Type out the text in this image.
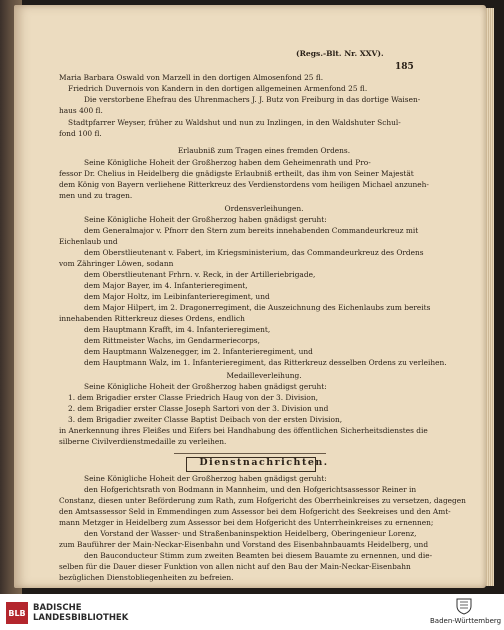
(Regs.-Blt. Nr. XXV).
185
Maria Barbara Oswald von Marzell in den dortigen Almosenfond 25 fl.
Friedrich Duvernois von Kandern in den dortigen allgemeinen Armenfond 25 fl.
Die verstorbene Ehefrau des Uhrenmachers J. J. Butz von Freiburg in das dortige Waisen-
haus 400 fl.
Stadtpfarrer Weyser, früher zu Waldshut und nun zu Inzlingen, in den Waldshuter Schul-
fond 100 fl.
Erlaubniß zum Tragen eines fremden Ordens.
Seine Königliche Hoheit der Großherzog haben dem Geheimenrath und Pro-
fessor Dr. Chelius in Heidelberg die gnädigste Erlaubniß ertheilt, das ihm von Seiner Majestät
dem König von Bayern verliehene Ritterkreuz des Verdienstordens vom heiligen Michael anzuneh-
men und zu tragen.
Ordensverleihungen.
Seine Königliche Hoheit der Großherzog haben gnädigst geruht:
dem Generalmajor v. Pfnorr den Stern zum bereits innehabenden Commandeurkreuz mit
Eichenlaub und
dem Oberstlieutenant v. Fabert, im Kriegsministerium, das Commandeurkreuz des Ordens
vom Zähringer Löwen, sodann
dem Oberstlieutenant Frhrn. v. Reck, in der Artilleriebrigade,
dem Major Bayer, im 4. Infanterieregiment,
dem Major Holtz, im Leibinfanterieregiment, und
dem Major Hilpert, im 2. Dragonerregiment, die Auszeichnung des Eichenlaubs zum bereits
innehabenden Ritterkreuz dieses Ordens, endlich
dem Hauptmann Krafft, im 4. Infanterieregiment,
dem Rittmeister Wachs, im Gendarmeriecorps,
dem Hauptmann Walzenegger, im 2. Infanterieregiment, und
dem Hauptmann Walz, im 1. Infanterieregiment, das Ritterkreuz desselben Ordens zu verleihen.
Medailleverleihung.
Seine Königliche Hoheit der Großherzog haben gnädigst geruht:
1. dem Brigadier erster Classe Friedrich Haug von der 3. Division,
2. dem Brigadier erster Classe Joseph Sartori von der 3. Division und
3. dem Brigadier zweiter Classe Baptist Deibach von der ersten Division,
in Anerkennung ihres Fleißes und Eifers bei Handhabung des öffentlichen Sicherheitsdienstes die
silberne Civilverdienstmedaille zu verleihen.
Dienstnachrichten.
Seine Königliche Hoheit der Großherzog haben gnädigst geruht:
den Hofgerichtsrath von Bodmann in Mannheim, und den Hofgerichtsassessor Reiner in
Constanz, diesen unter Beförderung zum Rath, zum Hofgericht des Oberrheinkreises zu versetzen, dagegen
den Amtsassessor Seld in Emmendingen zum Assessor bei dem Hofgericht des Seekreises und den Amt-
mann Metzger in Heidelberg zum Assessor bei dem Hofgericht des Unterrheinkreises zu ernennen;
den Vorstand der Wasser- und Straßenbaninspektion Heidelberg, Oberingenieur Lorenz,
zum Bauführer der Main-Neckar-Eisenbahn und Vorstand des Eisenbahnbauamts Heidelberg, und
den Bauconducteur Stimm zum zweiten Beamten bei diesem Bauamte zu ernennen, und die-
selben für die Dauer dieser Funktion von allen nicht auf den Bau der Main-Neckar-Eisenbahn
bezüglichen Dienstobliegenheiten zu befreien.
BLB BADISCHE
LANDESBIBLIOTHEK	Baden-Württemberg
